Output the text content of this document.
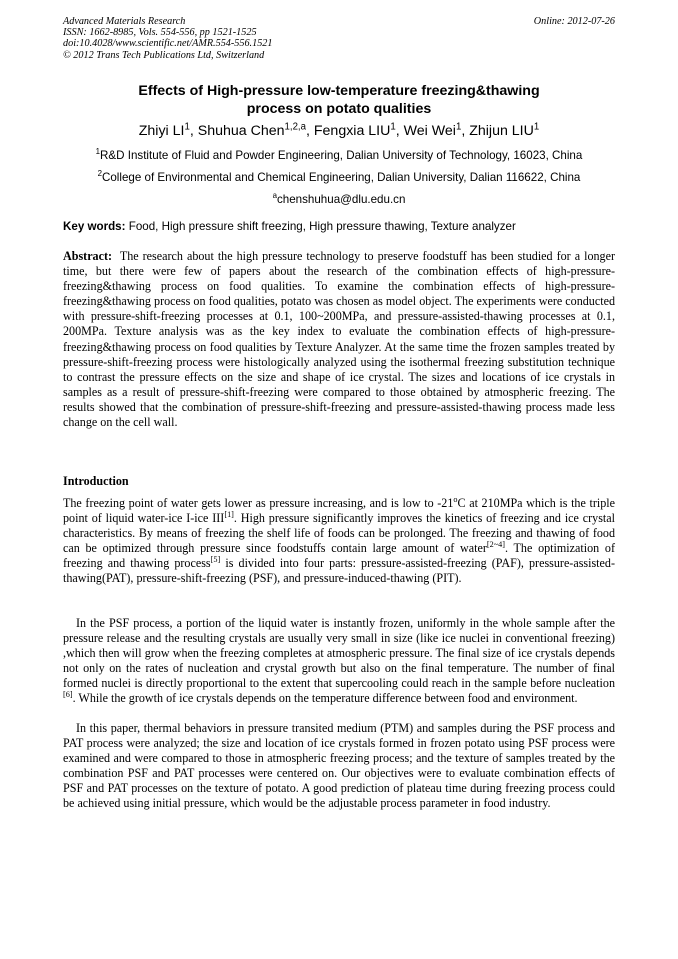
Advanced Materials Research
ISSN: 1662-8985, Vols. 554-556, pp 1521-1525
doi:10.4028/www.scientific.net/AMR.554-556.1521
© 2012 Trans Tech Publications Ltd, Switzerland
Online: 2012-07-26
Effects of High-pressure low-temperature freezing&thawing
process on potato qualities
Zhiyi $LI^1$, Shuhua Chen$^{1,2,a}$, Fengxia LIU$^1$, Wei Wei$^1$, Zhijun LIU$^1$
$^1$R&D Institute of Fluid and Powder Engineering, Dalian University of Technology, 16023, China
$^2$College of Environmental and Chemical Engineering, Dalian University, Dalian 116622, China
$^a$chenshuhua@dlu.edu.cn
Key words: Food, High pressure shift freezing, High pressure thawing, Texture analyzer
Abstract: The research about the high pressure technology to preserve foodstuff has been studied for a longer time, but there were few of papers about the research of the combination effects of high-pressure-freezing&thawing process on food qualities. To examine the combination effects of high-pressure-freezing&thawing process on food qualities, potato was chosen as model object. The experiments were conducted with pressure-shift-freezing processes at 0.1, 100~200MPa, and pressure-assisted-thawing processes at 0.1, 200MPa. Texture analysis was as the key index to evaluate the combination effects of high-pressure-freezing&thawing process on food qualities by Texture Analyzer. At the same time the frozen samples treated by pressure-shift-freezing process were histologically analyzed using the isothermal freezing substitution technique to contrast the pressure effects on the size and shape of ice crystal. The sizes and locations of ice crystals in samples as a result of pressure-shift-freezing were compared to those obtained by atmospheric freezing. The results showed that the combination of pressure-shift-freezing and pressure-assisted-thawing process made less change on the cell wall.
Introduction
The freezing point of water gets lower as pressure increasing, and is low to -21$^o$C at 210MPa which is the triple point of liquid water-ice I-ice III[1]. High pressure significantly improves the kinetics of freezing and ice crystal characteristics. By means of freezing the shelf life of foods can be prolonged. The freezing and thawing of food can be optimized through pressure since foodstuffs contain large amount of water[2~4]. The optimization of freezing and thawing process[5] is divided into four parts: pressure-assisted-freezing (PAF), pressure-assisted-thawing(PAT), pressure-shift-freezing (PSF), and pressure-induced-thawing (PIT).
In the PSF process, a portion of the liquid water is instantly frozen, uniformly in the whole sample after the pressure release and the resulting crystals are usually very small in size (like ice nuclei in conventional freezing) ,which then will grow when the freezing completes at atmospheric pressure. The final size of ice crystals depends not only on the rates of nucleation and crystal growth but also on the final temperature. The number of final formed nuclei is directly proportional to the extent that supercooling could reach in the sample before nucleation [6]. While the growth of ice crystals depends on the temperature difference between food and environment.
In this paper, thermal behaviors in pressure transited medium (PTM) and samples during the PSF process and PAT process were analyzed; the size and location of ice crystals formed in frozen potato using PSF process were examined and were compared to those in atmospheric freezing process; and the texture of samples treated by the combination PSF and PAT processes were centered on. Our objectives were to evaluate combination effects of PSF and PAT processes on the texture of potato. A good prediction of plateau time during freezing process could be achieved using initial pressure, which would be the adjustable process parameter in food industry.
